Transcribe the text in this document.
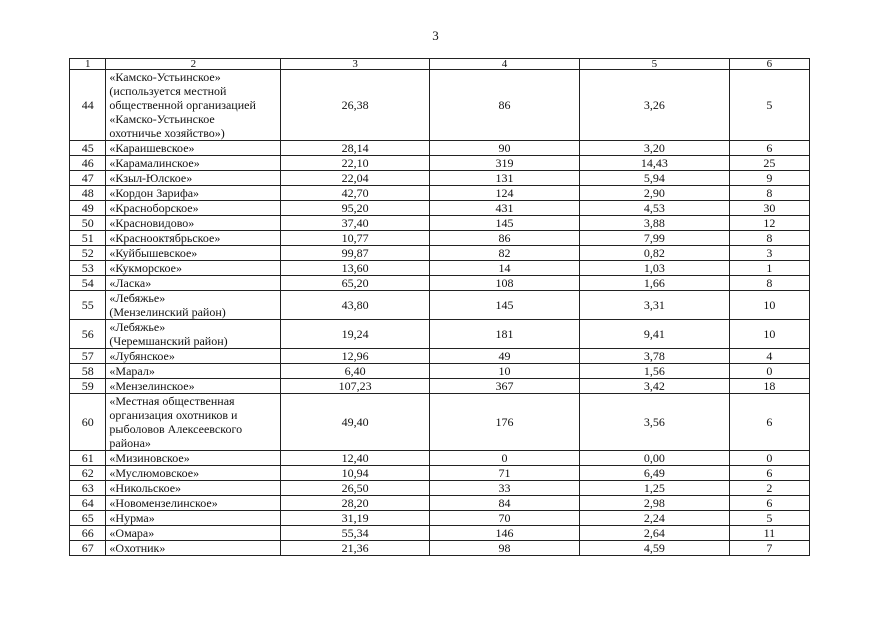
3
1	2	3	4	5	6
44	«Камско-Устьинское»
(используется местной
общественной организацией
«Камско-Устьинское
охотничье хозяйство»)	26,38	86	3,26	5
45	«Караишевское»	28,14	90	3,20	6
46	«Карамалинское»	22,10	319	14,43	25
47	«Кзыл-Юлское»	22,04	131	5,94	9
48	«Кордон Зарифа»	42,70	124	2,90	8
49	«Красноборское»	95,20	431	4,53	30
50	«Красновидово»	37,40	145	3,88	12
51	«Краснооктябрьское»	10,77	86	7,99	8
52	«Куйбышевское»	99,87	82	0,82	3
53	«Кукморское»	13,60	14	1,03	1
54	«Ласка»	65,20	108	1,66	8
55	«Лебяжье»
(Мензелинский район)	43,80	145	3,31	10
56	«Лебяжье»
(Черемшанский район)	19,24	181	9,41	10
57	«Лубянское»	12,96	49	3,78	4
58	«Марал»	6,40	10	1,56	0
59	«Мензелинское»	107,23	367	3,42	18
60	«Местная общественная
организация охотников и
рыболовов Алексеевского
района»	49,40	176	3,56	6
61	«Мизиновское»	12,40	0	0,00	0
62	«Муслюмовское»	10,94	71	6,49	6
63	«Никольское»	26,50	33	1,25	2
64	«Новомензелинское»	28,20	84	2,98	6
65	«Нурма»	31,19	70	2,24	5
66	«Омара»	55,34	146	2,64	11
67	«Охотник»	21,36	98	4,59	7
